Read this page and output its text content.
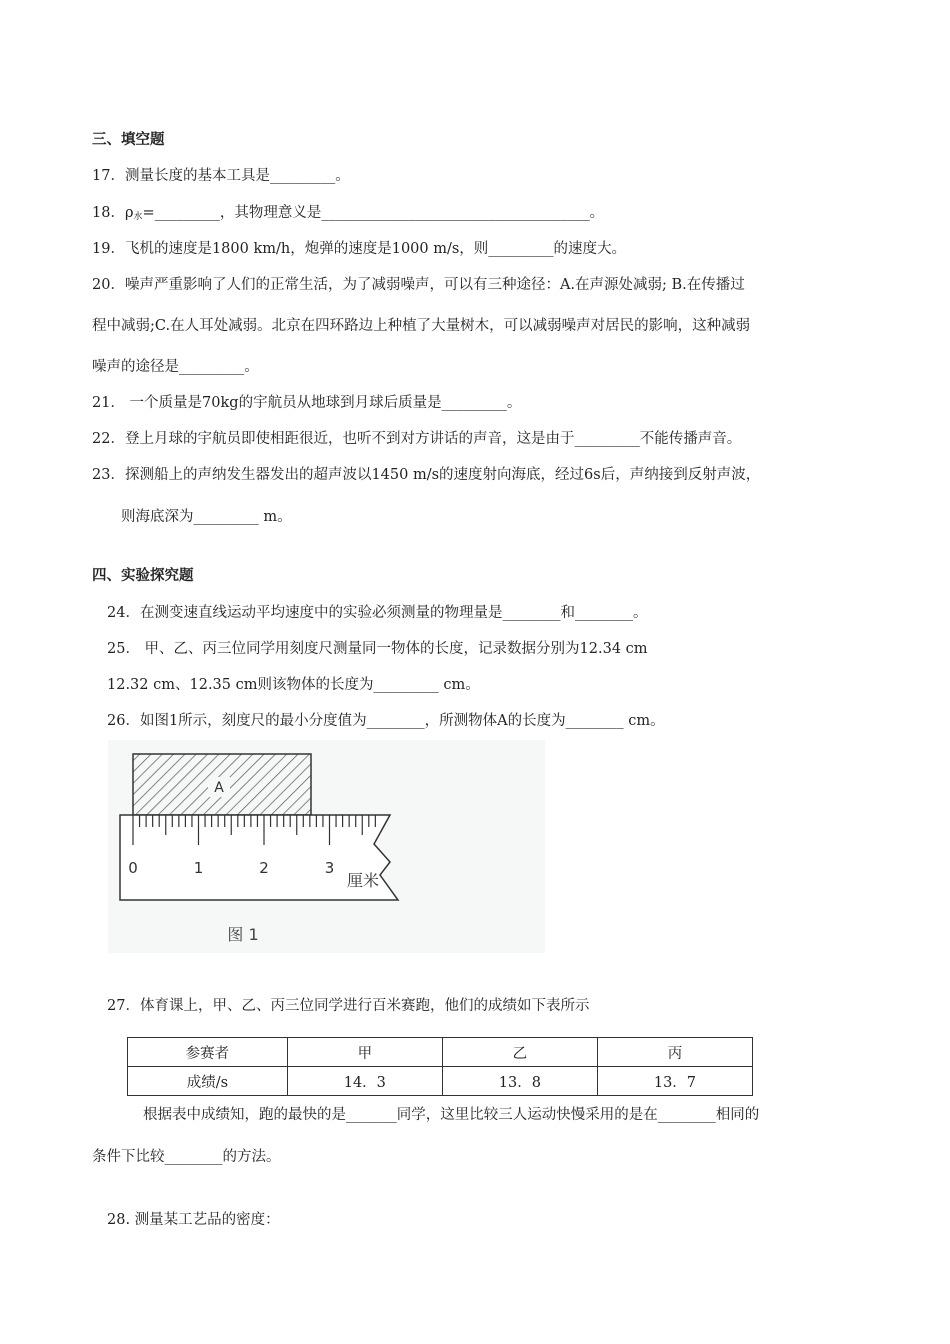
三、填空题
17．测量长度的基本工具是_________。
18．$\rho_水=\_\_\_\_\_\_\_\_\_$，其物理意义是_____________________________________。
19．飞机的速度是1800 km/h，炮弹的速度是1000 m/s，则_________的速度大。
20．噪声严重影响了人们的正常生活，为了减弱噪声，可以有三种途径：A.在声源处减弱; B.在传播过
程中减弱;C.在人耳处减弱。北京在四环路边上种植了大量树木，可以减弱噪声对居民的影响，这种减弱
噪声的途径是_________。
21． 一个质量是70kg的宇航员从地球到月球后质量是_________。
22．登上月球的宇航员即使相距很近，也听不到对方讲话的声音，这是由于_________不能传播声音。
23．探测船上的声纳发生器发出的超声波以1450 m/s的速度射向海底，经过6s后，声纳接到反射声波，
则海底深为_________ m。
四、实验探究题
24．在测变速直线运动平均速度中的实验必须测量的物理量是________和________。
25． 甲、乙、丙三位同学用刻度尺测量同一物体的长度，记录数据分别为12.34 cm
12.32 cm、12.35 cm则该物体的长度为_________ cm。
26．如图1所示，刻度尺的最小分度值为________，所测物体A的长度为________ cm。
A
0	1	2	3
厘米
图 1
27．体育课上，甲、乙、丙三位同学进行百米赛跑，他们的成绩如下表所示
参赛者	甲	乙	丙
成绩/s	14．3	13．8	13．7
根据表中成绩知，跑的最快的是_______同学，这里比较三人运动快慢采用的是在________相同的
条件下比较________的方法。
28. 测量某工艺品的密度：
